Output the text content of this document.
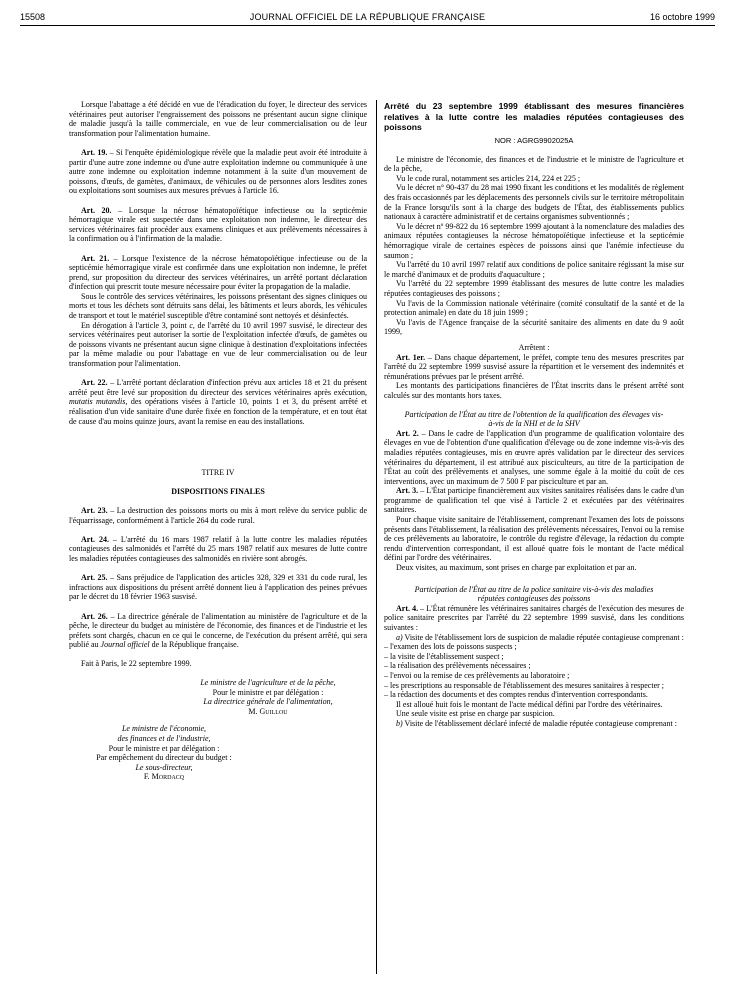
15508	JOURNAL OFFICIEL DE LA RÉPUBLIQUE FRANÇAISE	16 octobre 1999

Lorsque l'abattage a été décidé en vue de l'éradication du foyer, le directeur des services vétérinaires peut autoriser l'engraissement des poissons ne présentant aucun signe clinique de maladie jusqu'à la taille commerciale, en vue de leur commercialisation ou de leur transformation pour l'alimentation humaine.

Art. 19. – Si l'enquête épidémiologique révèle que la maladie peut avoir été introduite à partir d'une autre zone indemne ou d'une autre exploitation indemne ou communiquée à une autre zone indemne ou exploitation indemne notamment à la suite d'un mouvement de poissons, d'œufs, de gamètes, d'animaux, de véhicules ou de personnes alors lesdites zones ou exploitations sont soumises aux mesures prévues à l'article 16.

Art. 20. – Lorsque la nécrose hématopoïétique infectieuse ou la septicémie hémorragique virale est suspectée dans une exploitation non indemne, le directeur des services vétérinaires fait procéder aux examens cliniques et aux prélèvements nécessaires à la confirmation ou à l'infirmation de la maladie.

Art. 21. – Lorsque l'existence de la nécrose hématopoïétique infectieuse ou de la septicémie hémorragique virale est confirmée dans une exploitation non indemne, le préfet prend, sur proposition du directeur des services vétérinaires, un arrêté portant déclaration d'infection qui prescrit toute mesure nécessaire pour éviter la propagation de la maladie.

Sous le contrôle des services vétérinaires, les poissons présentant des signes cliniques ou morts et tous les déchets sont détruits sans délai, les bâtiments et leurs abords, les véhicules de transport et tout le matériel susceptible d'être contaminé sont nettoyés et désinfectés.

En dérogation à l'article 3, point c, de l'arrêté du 10 avril 1997 susvisé, le directeur des services vétérinaires peut autoriser la sortie de l'exploitation infectée d'œufs, de gamètes ou de poissons vivants ne présentant aucun signe clinique à destination d'exploitations infectées par la même maladie ou pour l'abattage en vue de leur commercialisation ou de leur transformation pour l'alimentation.

Art. 22. – L'arrêté portant déclaration d'infection prévu aux articles 18 et 21 du présent arrêté peut être levé sur proposition du directeur des services vétérinaires après exécution, mutatis mutandis, des opérations visées à l'article 10, points 1 et 3, du présent arrêté et réalisation d'un vide sanitaire d'une durée fixée en fonction de la température, et en tout état de cause d'au moins quinze jours, avant la remise en eau des installations.

TITRE IV

DISPOSITIONS FINALES

Art. 23. – La destruction des poissons morts ou mis à mort relève du service public de l'équarrissage, conformément à l'article 264 du code rural.

Art. 24. – L'arrêté du 16 mars 1987 relatif à la lutte contre les maladies réputées contagieuses des salmonidés et l'arrêté du 25 mars 1987 relatif aux mesures de lutte contre les maladies réputées contagieuses des salmonidés en rivière sont abrogés.

Art. 25. – Sans préjudice de l'application des articles 328, 329 et 331 du code rural, les infractions aux dispositions du présent arrêté donnent lieu à l'application des peines prévues par le décret du 18 février 1963 susvisé.

Art. 26. – La directrice générale de l'alimentation au ministère de l'agriculture et de la pêche, le directeur du budget au ministère de l'économie, des finances et de l'industrie et les préfets sont chargés, chacun en ce qui le concerne, de l'exécution du présent arrêté, qui sera publié au Journal officiel de la République française.

Fait à Paris, le 22 septembre 1999.

Le ministre de l'agriculture et de la pêche,
Pour le ministre et par délégation :
La directrice générale de l'alimentation,
M. Guillou
Le ministre de l'économie,
des finances et de l'industrie,
Pour le ministre et par délégation :
Par empêchement du directeur du budget :
Le sous-directeur,
F. Mordacq

Arrêté du 23 septembre 1999 établissant des mesures financières relatives à la lutte contre les maladies réputées contagieuses des poissons

NOR : AGRG9902025A

Le ministre de l'économie, des finances et de l'industrie et le ministre de l'agriculture et de la pêche,

Vu le code rural, notamment ses articles 214, 224 et 225 ;

Vu le décret n° 90-437 du 28 mai 1990 fixant les conditions et les modalités de règlement des frais occasionnés par les déplacements des personnels civils sur le territoire métropolitain de la France lorsqu'ils sont à la charge des budgets de l'État, des établissements publics nationaux à caractère administratif et de certains organismes subventionnés ;

Vu le décret nº 99-822 du 16 septembre 1999 ajoutant à la nomenclature des maladies des animaux réputées contagieuses la nécrose hématopoïétique infectieuse et la septicémie hémorragique virale de certaines espèces de poissons ainsi que l'anémie infectieuse du saumon ;

Vu l'arrêté du 10 avril 1997 relatif aux conditions de police sanitaire régissant la mise sur le marché d'animaux et de produits d'aquaculture ;

Vu l'arrêté du 22 septembre 1999 établissant des mesures de lutte contre les maladies réputées contagieuses des poissons ;

Vu l'avis de la Commission nationale vétérinaire (comité consultatif de la santé et de la protection animale) en date du 18 juin 1999 ;

Vu l'avis de l'Agence française de la sécurité sanitaire des aliments en date du 9 août 1999,

Arrêtent :

Art. 1er. – Dans chaque département, le préfet, compte tenu des mesures prescrites par l'arrêté du 22 septembre 1999 susvisé assure la répartition et le versement des indemnités et rémunérations prévues par le présent arrêté.

Les montants des participations financières de l'État inscrits dans le présent arrêté sont calculés sur des montants hors taxes.

Participation de l'État au titre de l'obtention de la qualification des élevages vis-à-vis de la NHI et de la SHV

Art. 2. – Dans le cadre de l'application d'un programme de qualification volontaire des élevages en vue de l'obtention d'une qualification d'élevage ou de zone indemne vis-à-vis des maladies réputées contagieuses, mis en œuvre après validation par le directeur des services vétérinaires du département, il est attribué aux pisciculteurs, au titre de la participation de l'État au coût des prélèvements et analyses, une somme égale à la moitié du coût de ces interventions, avec un maximum de 7 500 F par pisciculture et par an.

Art. 3. – L'État participe financièrement aux visites sanitaires réalisées dans le cadre d'un programme de qualification tel que visé à l'article 2 et exécutées par des vétérinaires sanitaires.

Pour chaque visite sanitaire de l'établissement, comprenant l'examen des lots de poissons présents dans l'établissement, la réalisation des prélèvements nécessaires, l'envoi ou la remise de ces prélèvements au laboratoire, le contrôle du registre d'élevage, la rédaction du compte rendu d'intervention correspondant, il est alloué quatre fois le montant de l'acte médical défini par l'ordre des vétérinaires.

Deux visites, au maximum, sont prises en charge par exploitation et par an.

Participation de l'État au titre de la police sanitaire vis-à-vis des maladies réputées contagieuses des poissons

Art. 4. – L'État rémunère les vétérinaires sanitaires chargés de l'exécution des mesures de police sanitaire prescrites par l'arrêté du 22 septembre 1999 susvisé, dans les conditions suivantes :

a) Visite de l'établissement lors de suspicion de maladie réputée contagieuse comprenant :

– l'examen des lots de poissons suspects ;

– la visite de l'établissement suspect ;

– la réalisation des prélèvements nécessaires ;

– l'envoi ou la remise de ces prélèvements au laboratoire ;

– les prescriptions au responsable de l'établissement des mesures sanitaires à respecter ;

– la rédaction des documents et des comptes rendus d'intervention correspondants.

Il est alloué huit fois le montant de l'acte médical défini par l'ordre des vétérinaires.

Une seule visite est prise en charge par suspicion.

b) Visite de l'établissement déclaré infecté de maladie réputée contagieuse comprenant :
